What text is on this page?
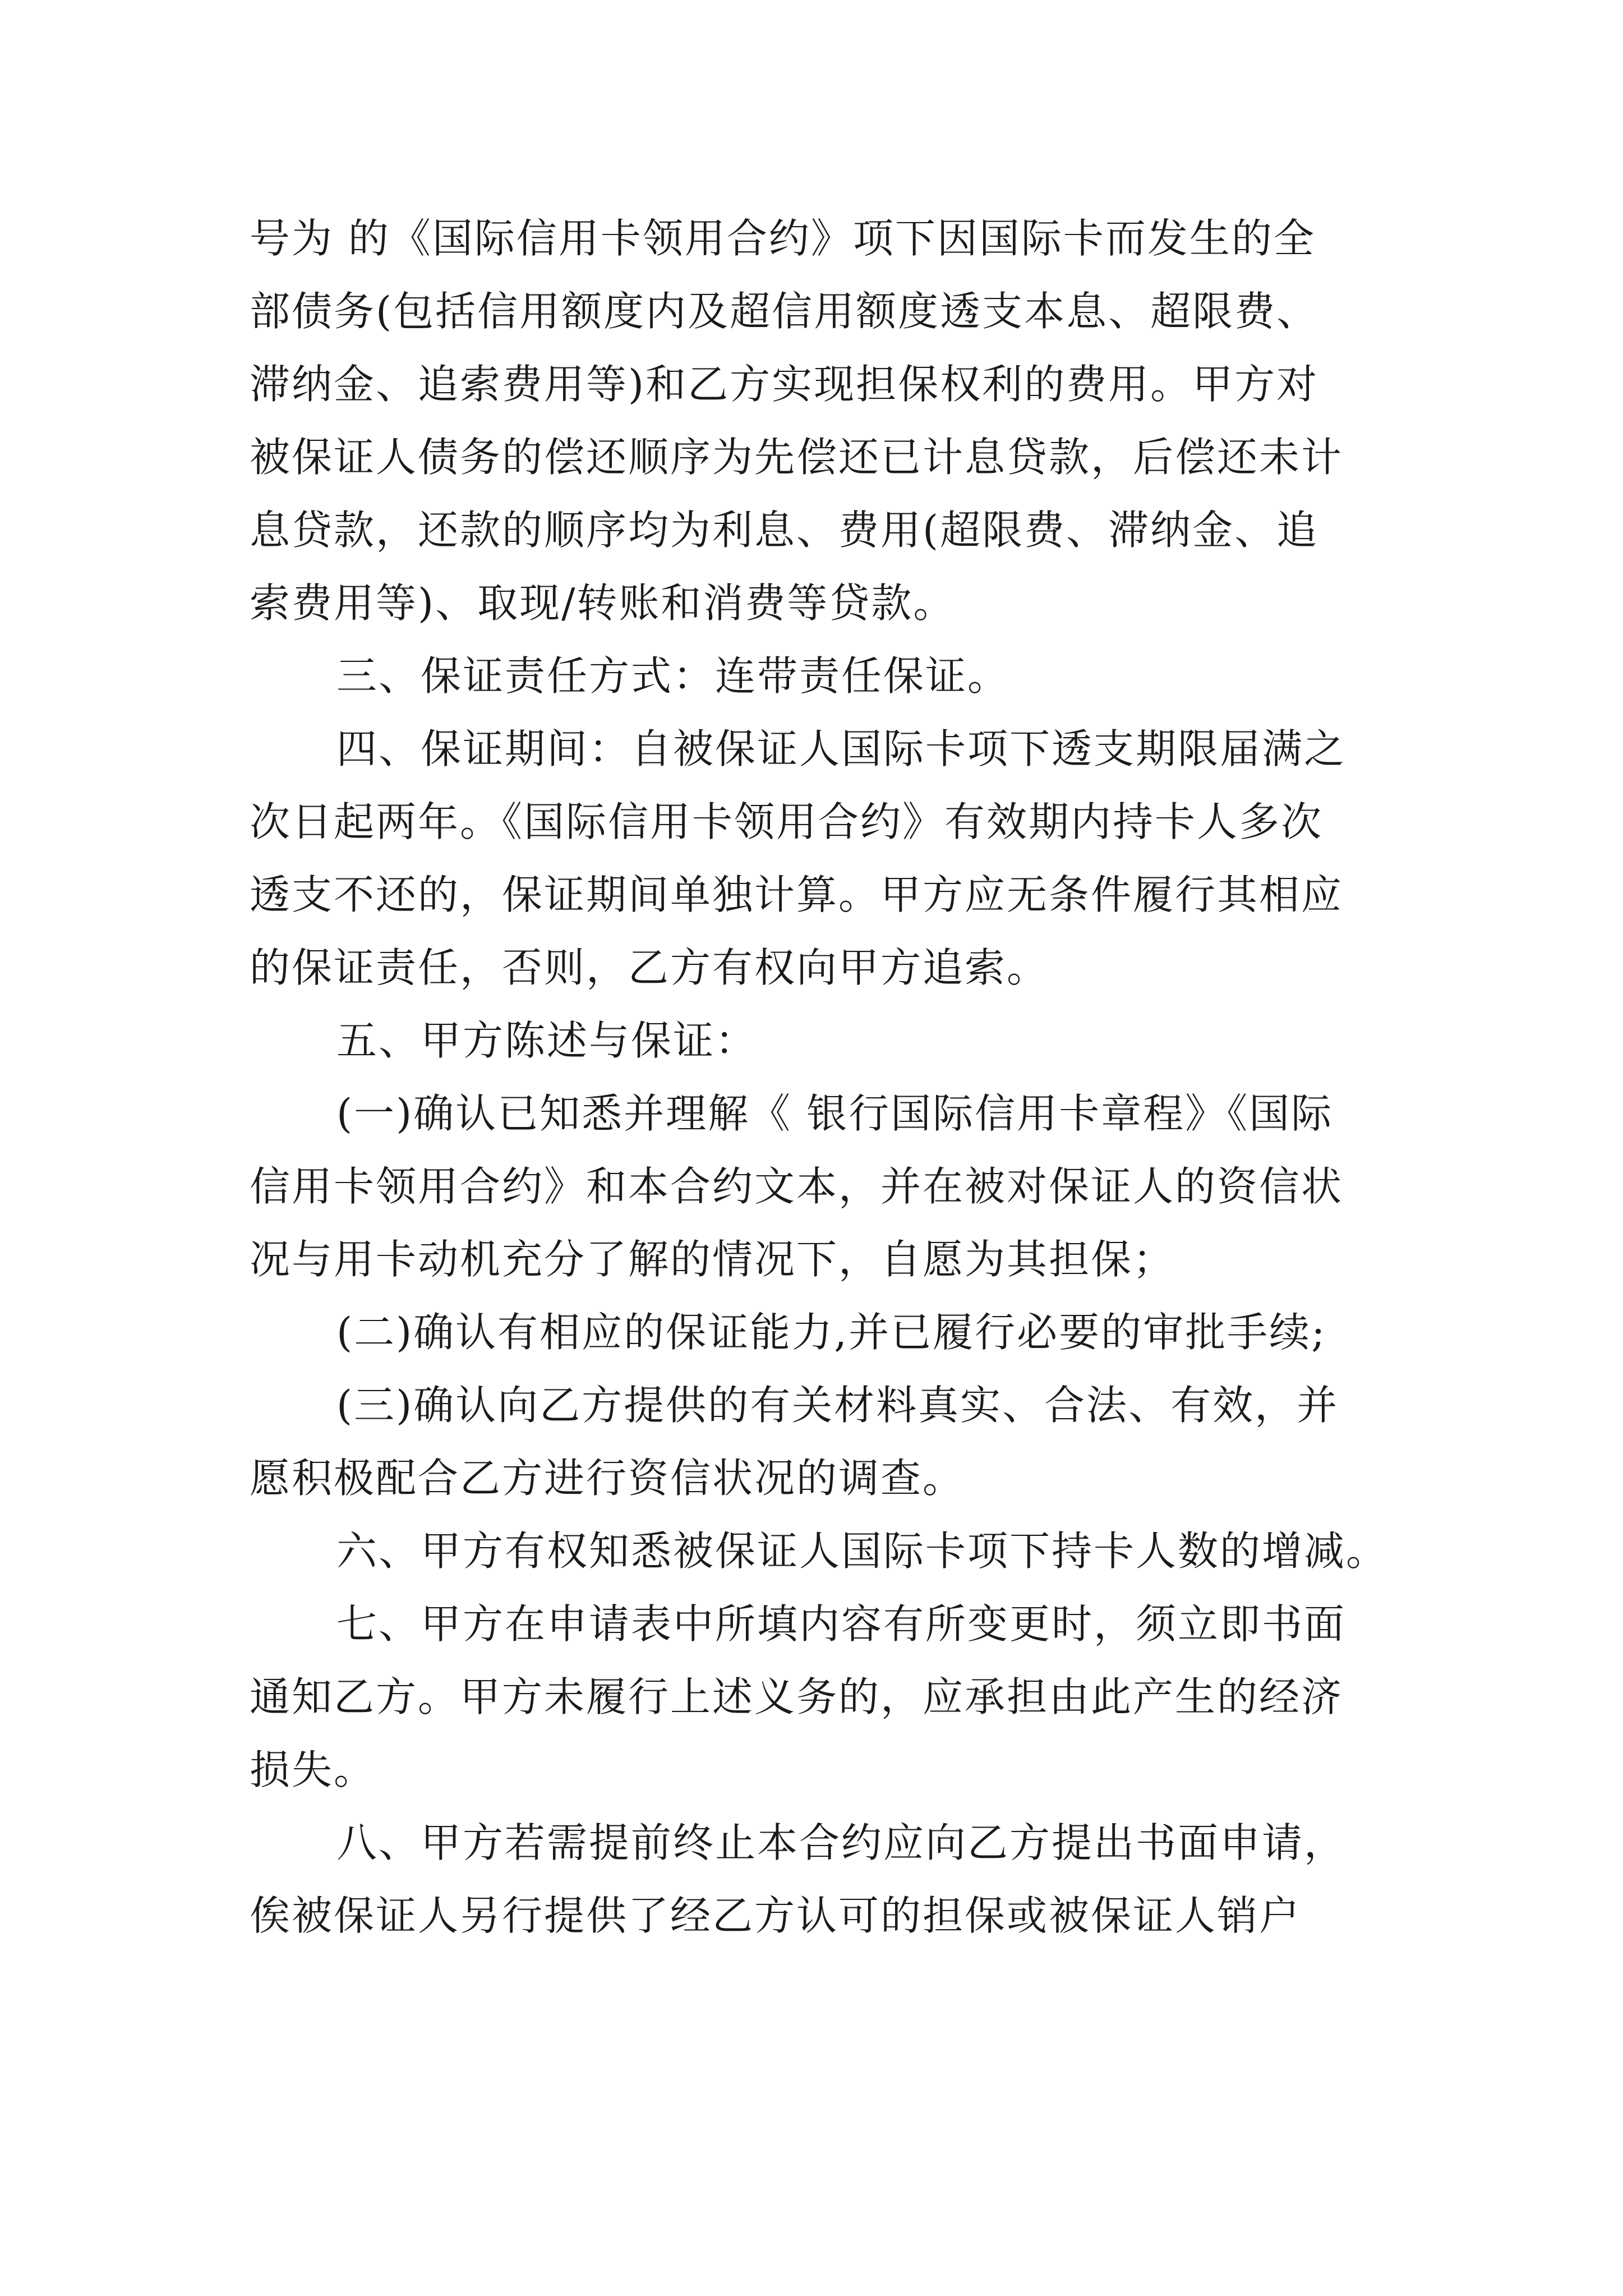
号为 的《国际信用卡领用合约》项下因国际卡而发生的全
部债务(包括信用额度内及超信用额度透支本息、超限费、
滞纳金、追索费用等)和乙方实现担保权利的费用。甲方对
被保证人债务的偿还顺序为先偿还已计息贷款，后偿还未计
息贷款，还款的顺序均为利息、费用(超限费、滞纳金、追
索费用等)、取现/转账和消费等贷款。
三、保证责任方式：连带责任保证。
四、保证期间：自被保证人国际卡项下透支期限届满之
次日起两年。《国际信用卡领用合约》有效期内持卡人多次
透支不还的，保证期间单独计算。甲方应无条件履行其相应
的保证责任，否则，乙方有权向甲方追索。
五、甲方陈述与保证：
(一)确认已知悉并理解《 银行国际信用卡章程》《国际
信用卡领用合约》和本合约文本，并在被对保证人的资信状
况与用卡动机充分了解的情况下，自愿为其担保；
(二)确认有相应的保证能力,并已履行必要的审批手续;
(三)确认向乙方提供的有关材料真实、合法、有效，并
愿积极配合乙方进行资信状况的调查。
六、甲方有权知悉被保证人国际卡项下持卡人数的增减。
七、甲方在申请表中所填内容有所变更时，须立即书面
通知乙方。甲方未履行上述义务的，应承担由此产生的经济
损失。
八、甲方若需提前终止本合约应向乙方提出书面申请，
俟被保证人另行提供了经乙方认可的担保或被保证人销户
